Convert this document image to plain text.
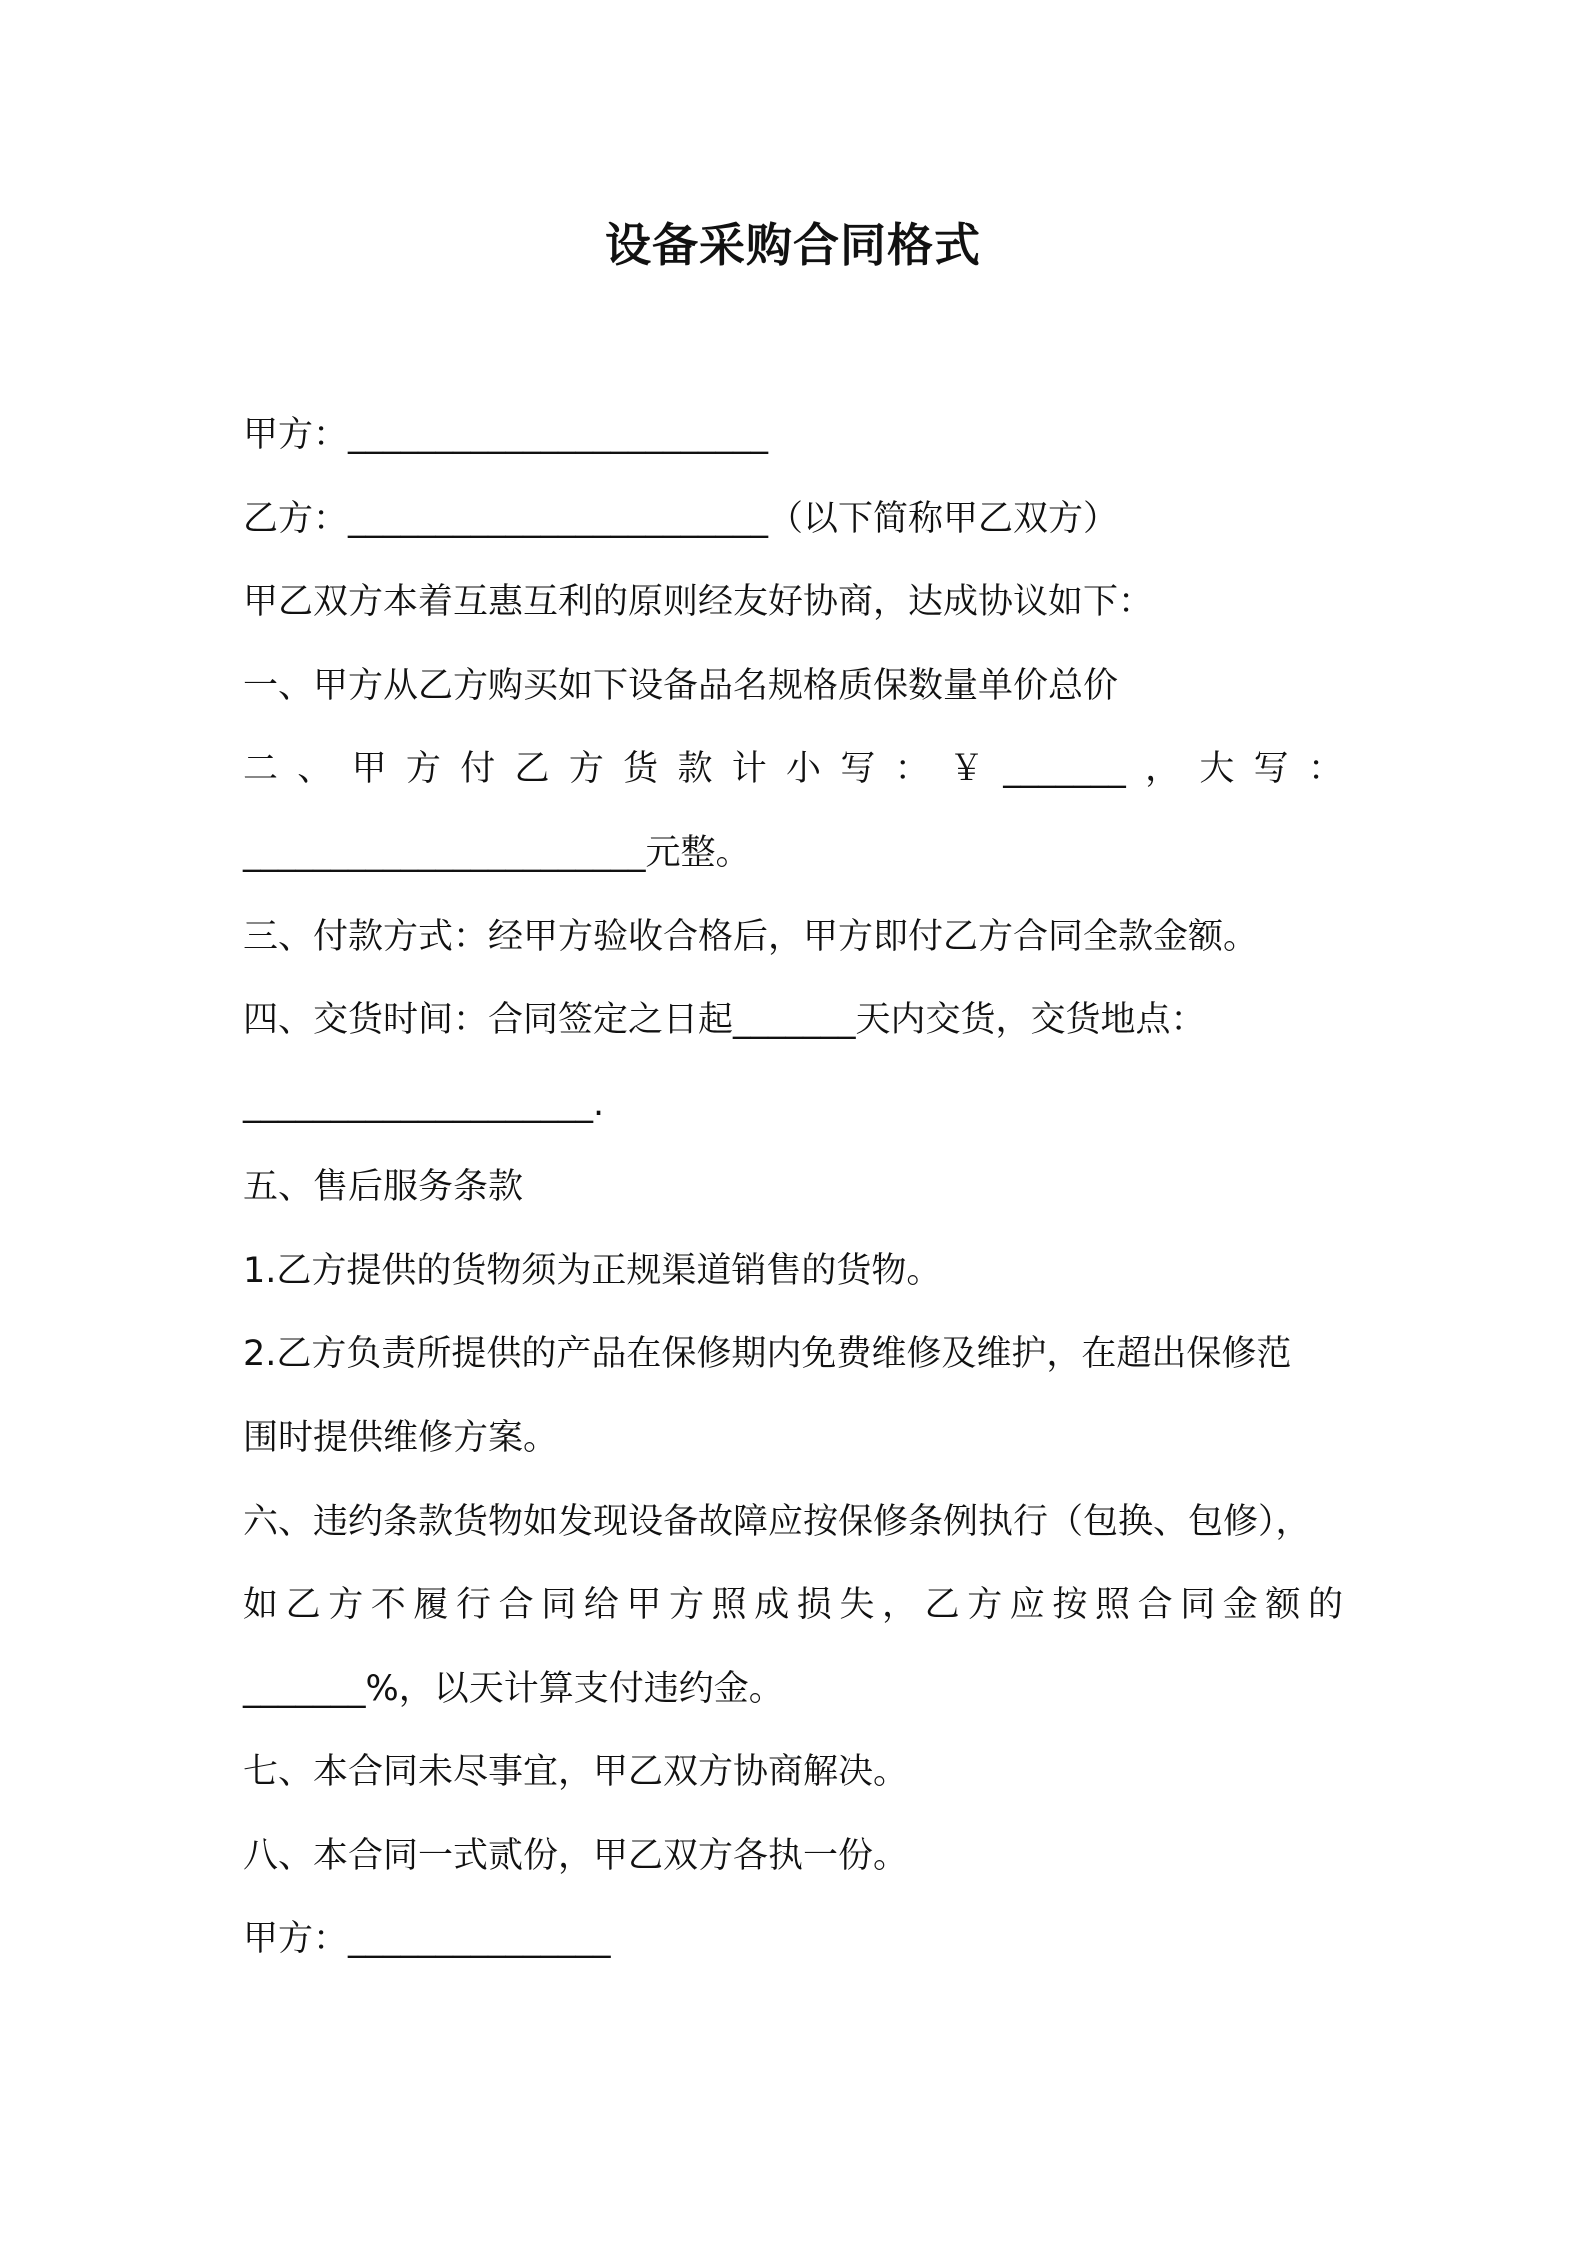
设备采购合同格式

甲方：________________________

乙方：________________________（以下简称甲乙双方）

甲乙双方本着互惠互利的原则经友好协商，达成协议如下：

一、甲方从乙方购买如下设备品名规格质保数量单价总价

二、甲方付乙方货款计小写：￥_______，大写：

_______________________元整。

三、付款方式：经甲方验收合格后，甲方即付乙方合同全款金额。

四、交货时间：合同签定之日起_______天内交货，交货地点：

____________________.

五、售后服务条款

1.乙方提供的货物须为正规渠道销售的货物。

2.乙方负责所提供的产品在保修期内免费维修及维护，在超出保修范

围时提供维修方案。

六、违约条款货物如发现设备故障应按保修条例执行（包换、包修），

如乙方不履行合同给甲方照成损失，乙方应按照合同金额的

_______%，以天计算支付违约金。

七、本合同未尽事宜，甲乙双方协商解决。

八、本合同一式贰份，甲乙双方各执一份。

甲方：_______________
